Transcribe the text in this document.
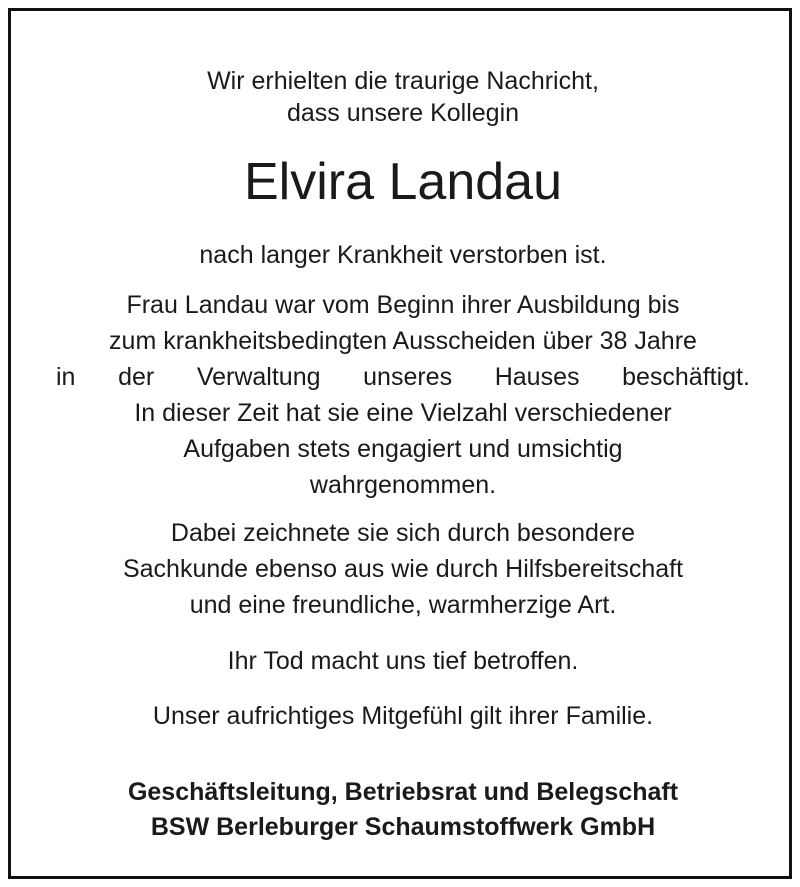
Wir erhielten die traurige Nachricht,
dass unsere Kollegin
Elvira Landau
nach langer Krankheit verstorben ist.
Frau Landau war vom Beginn ihrer Ausbildung bis
zum krankheitsbedingten Ausscheiden über 38 Jahre
in der Verwaltung unseres Hauses beschäftigt.
In dieser Zeit hat sie eine Vielzahl verschiedener
Aufgaben stets engagiert und umsichtig
wahrgenommen.
Dabei zeichnete sie sich durch besondere
Sachkunde ebenso aus wie durch Hilfsbereitschaft
und eine freundliche, warmherzige Art.
Ihr Tod macht uns tief betroffen.
Unser aufrichtiges Mitgefühl gilt ihrer Familie.
Geschäftsleitung, Betriebsrat und Belegschaft
BSW Berleburger Schaumstoffwerk GmbH
